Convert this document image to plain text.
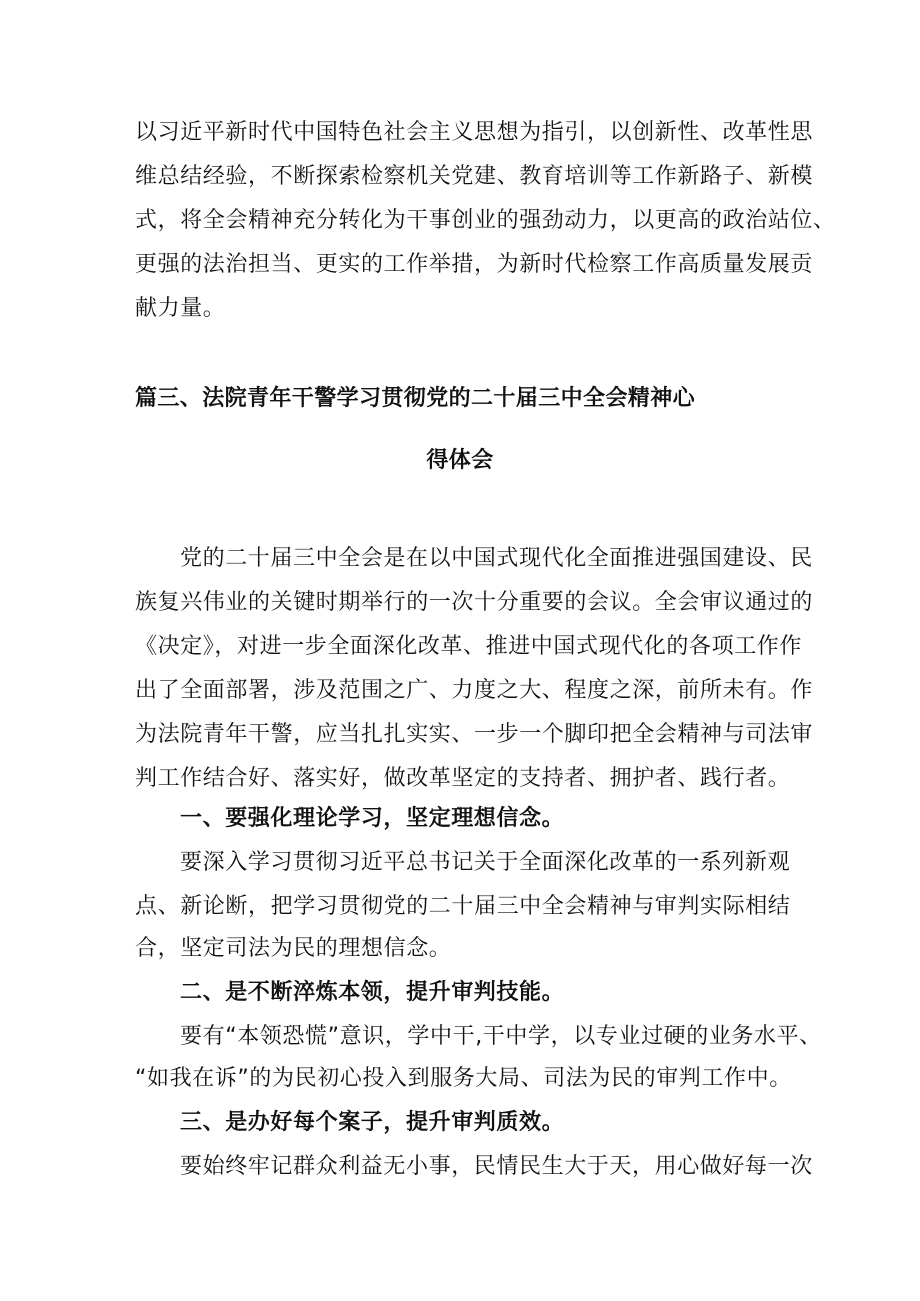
以习近平新时代中国特色社会主义思想为指引，以创新性、改革性思
维总结经验，不断探索检察机关党建、教育培训等工作新路子、新模
式，将全会精神充分转化为干事创业的强劲动力，以更高的政治站位、
更强的法治担当、更实的工作举措，为新时代检察工作高质量发展贡
献力量。
篇三、法院青年干警学习贯彻党的二十届三中全会精神心
得体会
党的二十届三中全会是在以中国式现代化全面推进强国建设、民
族复兴伟业的关键时期举行的一次十分重要的会议。全会审议通过的
《决定》，对进一步全面深化改革、推进中国式现代化的各项工作作
出了全面部署，涉及范围之广、力度之大、程度之深，前所未有。作
为法院青年干警，应当扎扎实实、一步一个脚印把全会精神与司法审
判工作结合好、落实好，做改革坚定的支持者、拥护者、践行者。
一、要强化理论学习，坚定理想信念。
要深入学习贯彻习近平总书记关于全面深化改革的一系列新观
点、新论断，把学习贯彻党的二十届三中全会精神与审判实际相结
合，坚定司法为民的理想信念。
二、是不断淬炼本领，提升审判技能。
要有“本领恐慌”意识，学中干,干中学，以专业过硬的业务水平、
“如我在诉”的为民初心投入到服务大局、司法为民的审判工作中。
三、是办好每个案子，提升审判质效。
要始终牢记群众利益无小事，民情民生大于天，用心做好每一次
